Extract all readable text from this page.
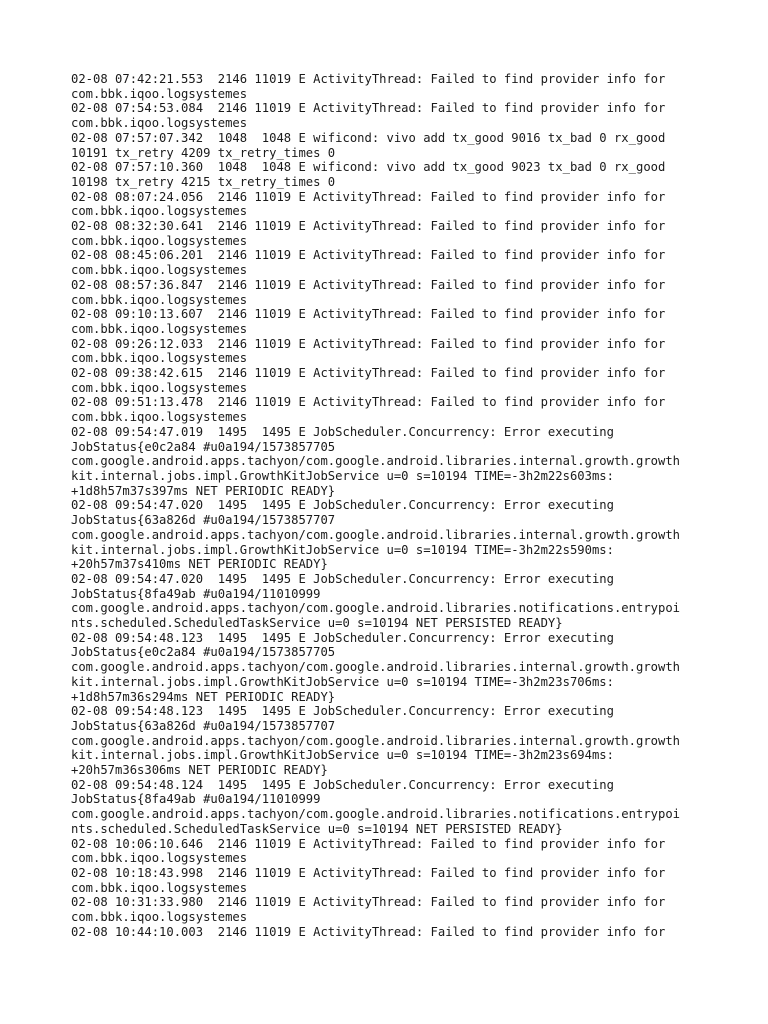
02-08 07:42:21.553  2146 11019 E ActivityThread: Failed to find provider info for
com.bbk.iqoo.logsystemes
02-08 07:54:53.084  2146 11019 E ActivityThread: Failed to find provider info for
com.bbk.iqoo.logsystemes
02-08 07:57:07.342  1048  1048 E wificond: vivo add tx_good 9016 tx_bad 0 rx_good
10191 tx_retry 4209 tx_retry_times 0
02-08 07:57:10.360  1048  1048 E wificond: vivo add tx_good 9023 tx_bad 0 rx_good
10198 tx_retry 4215 tx_retry_times 0
02-08 08:07:24.056  2146 11019 E ActivityThread: Failed to find provider info for
com.bbk.iqoo.logsystemes
02-08 08:32:30.641  2146 11019 E ActivityThread: Failed to find provider info for
com.bbk.iqoo.logsystemes
02-08 08:45:06.201  2146 11019 E ActivityThread: Failed to find provider info for
com.bbk.iqoo.logsystemes
02-08 08:57:36.847  2146 11019 E ActivityThread: Failed to find provider info for
com.bbk.iqoo.logsystemes
02-08 09:10:13.607  2146 11019 E ActivityThread: Failed to find provider info for
com.bbk.iqoo.logsystemes
02-08 09:26:12.033  2146 11019 E ActivityThread: Failed to find provider info for
com.bbk.iqoo.logsystemes
02-08 09:38:42.615  2146 11019 E ActivityThread: Failed to find provider info for
com.bbk.iqoo.logsystemes
02-08 09:51:13.478  2146 11019 E ActivityThread: Failed to find provider info for
com.bbk.iqoo.logsystemes
02-08 09:54:47.019  1495  1495 E JobScheduler.Concurrency: Error executing
JobStatus{e0c2a84 #u0a194/1573857705
com.google.android.apps.tachyon/com.google.android.libraries.internal.growth.growth
kit.internal.jobs.impl.GrowthKitJobService u=0 s=10194 TIME=-3h2m22s603ms:
+1d8h57m37s397ms NET PERIODIC READY}
02-08 09:54:47.020  1495  1495 E JobScheduler.Concurrency: Error executing
JobStatus{63a826d #u0a194/1573857707
com.google.android.apps.tachyon/com.google.android.libraries.internal.growth.growth
kit.internal.jobs.impl.GrowthKitJobService u=0 s=10194 TIME=-3h2m22s590ms:
+20h57m37s410ms NET PERIODIC READY}
02-08 09:54:47.020  1495  1495 E JobScheduler.Concurrency: Error executing
JobStatus{8fa49ab #u0a194/11010999
com.google.android.apps.tachyon/com.google.android.libraries.notifications.entrypoi
nts.scheduled.ScheduledTaskService u=0 s=10194 NET PERSISTED READY}
02-08 09:54:48.123  1495  1495 E JobScheduler.Concurrency: Error executing
JobStatus{e0c2a84 #u0a194/1573857705
com.google.android.apps.tachyon/com.google.android.libraries.internal.growth.growth
kit.internal.jobs.impl.GrowthKitJobService u=0 s=10194 TIME=-3h2m23s706ms:
+1d8h57m36s294ms NET PERIODIC READY}
02-08 09:54:48.123  1495  1495 E JobScheduler.Concurrency: Error executing
JobStatus{63a826d #u0a194/1573857707
com.google.android.apps.tachyon/com.google.android.libraries.internal.growth.growth
kit.internal.jobs.impl.GrowthKitJobService u=0 s=10194 TIME=-3h2m23s694ms:
+20h57m36s306ms NET PERIODIC READY}
02-08 09:54:48.124  1495  1495 E JobScheduler.Concurrency: Error executing
JobStatus{8fa49ab #u0a194/11010999
com.google.android.apps.tachyon/com.google.android.libraries.notifications.entrypoi
nts.scheduled.ScheduledTaskService u=0 s=10194 NET PERSISTED READY}
02-08 10:06:10.646  2146 11019 E ActivityThread: Failed to find provider info for
com.bbk.iqoo.logsystemes
02-08 10:18:43.998  2146 11019 E ActivityThread: Failed to find provider info for
com.bbk.iqoo.logsystemes
02-08 10:31:33.980  2146 11019 E ActivityThread: Failed to find provider info for
com.bbk.iqoo.logsystemes
02-08 10:44:10.003  2146 11019 E ActivityThread: Failed to find provider info for
